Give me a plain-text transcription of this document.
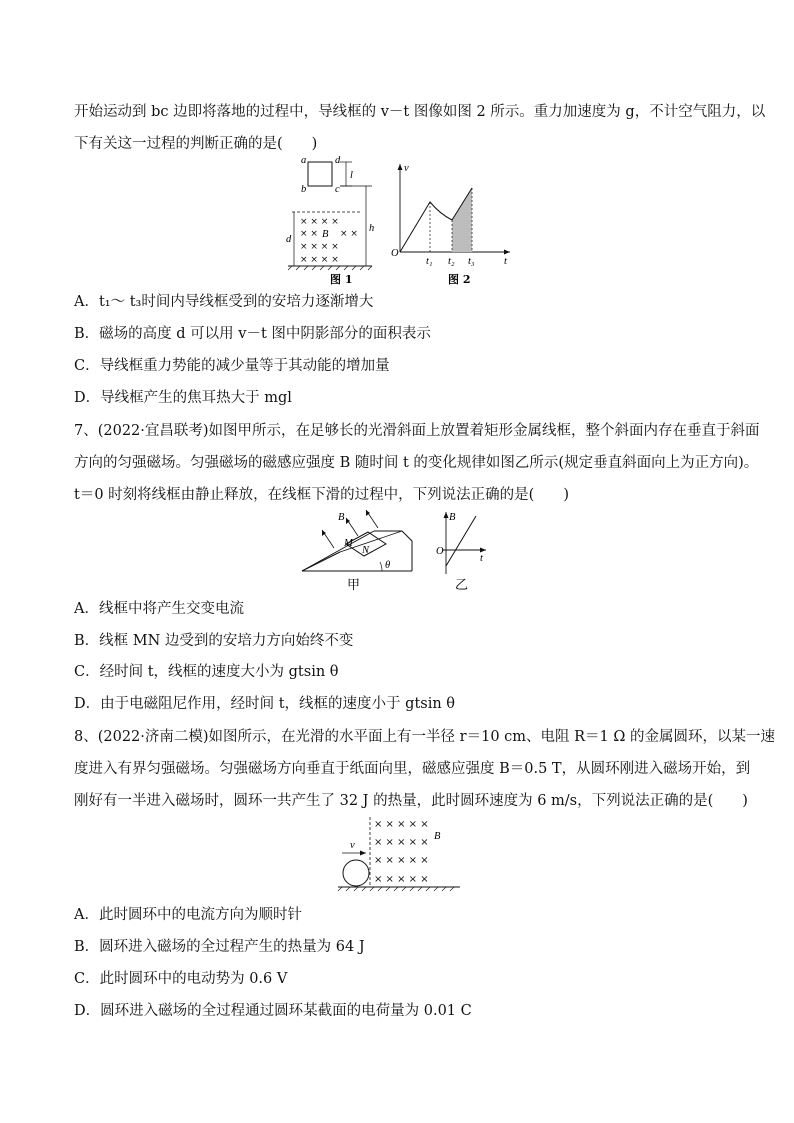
开始运动到 bc 边即将落地的过程中，导线框的 v－t 图像如图 2 所示。重力加速度为 g，不计空气阻力，以
下有关这一过程的判断正确的是(　　)
a
b	c
d
l
h
d
× × × ×
× ×
× × × ×
× × × ×
× ×
B
图 1
v
O
t
t₁ t₂ t₃
图 2
A．t₁～ t₃时间内导线框受到的安培力逐渐增大
B．磁场的高度 d 可以用 v－t 图中阴影部分的面积表示
C．导线框重力势能的减少量等于其动能的增加量
D．导线框产生的焦耳热大于 mgl
7、(2022·宜昌联考)如图甲所示，在足够长的光滑斜面上放置着矩形金属线框，整个斜面内存在垂直于斜面
方向的匀强磁场。匀强磁场的磁感应强度 B 随时间 t 的变化规律如图乙所示(规定垂直斜面向上为正方向)。
t＝0 时刻将线框由静止释放，在线框下滑的过程中，下列说法正确的是(　　)
B
M
N
θ
甲
B
O
t
乙
A．线框中将产生交变电流
B．线框 MN 边受到的安培力方向始终不变
C．经时间 t，线框的速度大小为 gtsin θ
D．由于电磁阻尼作用，经时间 t，线框的速度小于 gtsin θ
8、(2022·济南二模)如图所示，在光滑的水平面上有一半径 r＝10 cm、电阻 R＝1 Ω 的金属圆环，以某一速
度进入有界匀强磁场。匀强磁场方向垂直于纸面向里，磁感应强度 B＝0.5 T，从圆环刚进入磁场开始，到
刚好有一半进入磁场时，圆环一共产生了 32 J 的热量，此时圆环速度为 6 m/s，下列说法正确的是(　　)
× × × × ×
× × × × ×
× × × × ×
× × × × ×
B
v
A．此时圆环中的电流方向为顺时针
B．圆环进入磁场的全过程产生的热量为 64 J
C．此时圆环中的电动势为 0.6 V
D．圆环进入磁场的全过程通过圆环某截面的电荷量为 0.01 C
